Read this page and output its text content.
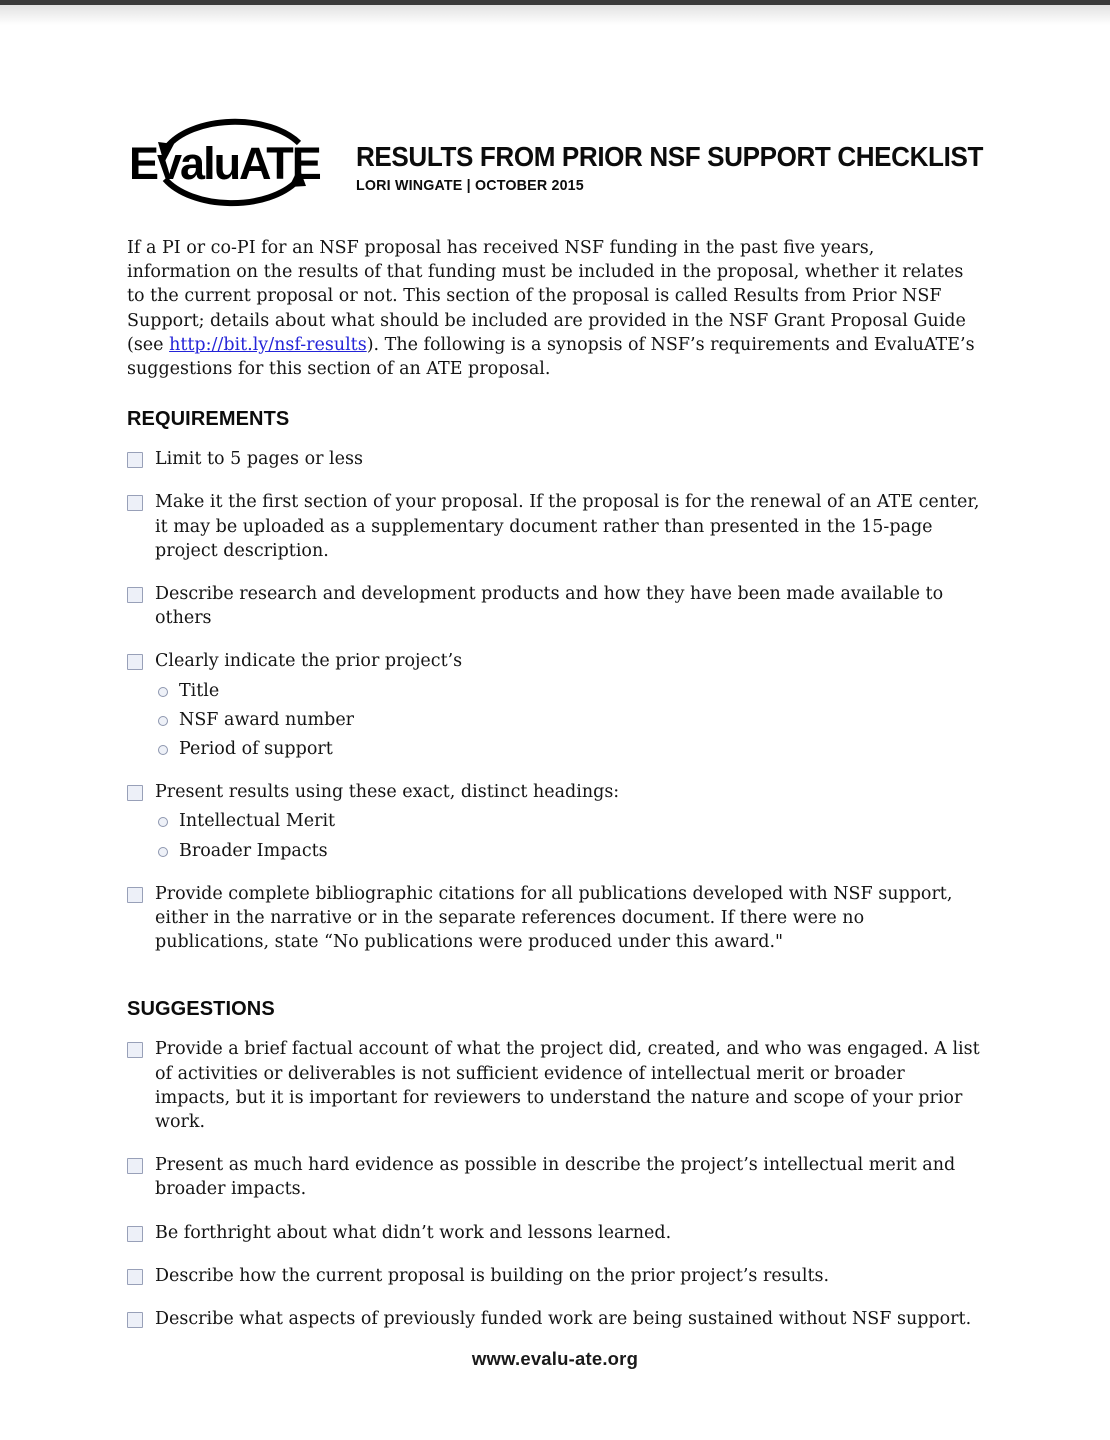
EvaluATE RESULTS FROM PRIOR NSF SUPPORT CHECKLIST
LORI WINGATE | OCTOBER 2015

If a PI or co-PI for an NSF proposal has received NSF funding in the past five years, information on the results of that funding must be included in the proposal, whether it relates to the current proposal or not. This section of the proposal is called Results from Prior NSF Support; details about what should be included are provided in the NSF Grant Proposal Guide (see http://bit.ly/nsf-results). The following is a synopsis of NSF’s requirements and EvaluATE’s suggestions for this section of an ATE proposal.

REQUIREMENTS
Limit to 5 pages or less
Make it the first section of your proposal. If the proposal is for the renewal of an ATE center, it may be uploaded as a supplementary document rather than presented in the 15-page project description.
Describe research and development products and how they have been made available to others
Clearly indicate the prior project’s
Title
NSF award number
Period of support
Present results using these exact, distinct headings:
Intellectual Merit
Broader Impacts
Provide complete bibliographic citations for all publications developed with NSF support, either in the narrative or in the separate references document. If there were no publications, state “No publications were produced under this award."
SUGGESTIONS
Provide a brief factual account of what the project did, created, and who was engaged. A list of activities or deliverables is not sufficient evidence of intellectual merit or broader impacts, but it is important for reviewers to understand the nature and scope of your prior work.
Present as much hard evidence as possible in describe the project’s intellectual merit and broader impacts.
Be forthright about what didn’t work and lessons learned.
Describe how the current proposal is building on the prior project’s results.
Describe what aspects of previously funded work are being sustained without NSF support.
www.evalu-ate.org
